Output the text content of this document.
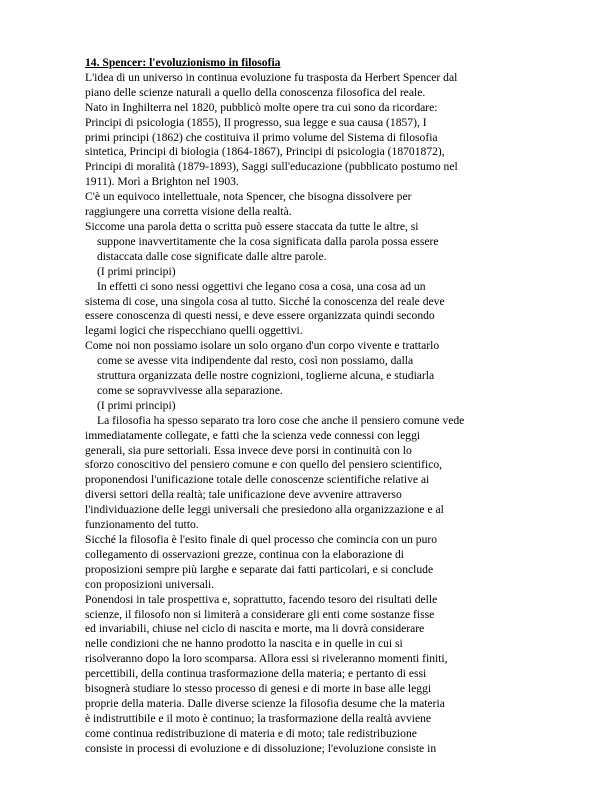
14. Spencer: l'evoluzionismo in filosofia
L'idea di un universo in continua evoluzione fu trasposta da Herbert Spencer dal
piano delle scienze naturali a quello della conoscenza filosofica del reale.
Nato in Inghilterra nel 1820, pubblicò molte opere tra cui sono da ricordare:
Principi di psicologia (1855), Il progresso, sua legge e sua causa (1857), I
primi principi (1862) che costituiva il primo volume del Sistema di filosofia
sintetica, Principi di biologia (1864-1867), Principi di psicologia (18701872),
Principi di moralità (1879-1893), Saggi sull'educazione (pubblicato postumo nel
1911). Morì a Brighton nel 1903.
C'è un equivoco intellettuale, nota Spencer, che bisogna dissolvere per
raggiungere una corretta visione della realtà.
Siccome una parola detta o scritta può essere staccata da tutte le altre, si
suppone inavvertitamente che la cosa significata dalla parola possa essere
distaccata dalle cose significate dalle altre parole.
(I primi principi)
In effetti ci sono nessi oggettivi che legano cosa a cosa, una cosa ad un
sistema di cose, una singola cosa al tutto. Sicché la conoscenza del reale deve
essere conoscenza di questi nessi, e deve essere organizzata quindi secondo
legami logici che rispecchiano quelli oggettivi.
Come noi non possiamo isolare un solo organo d'un corpo vivente e trattarlo
come se avesse vita indipendente dal resto, così non possiamo, dalla
struttura organizzata delle nostre cognizioni, toglierne alcuna, e studiarla
come se sopravvivesse alla separazione.
(I primi principi)
La filosofia ha spesso separato tra loro cose che anche il pensiero comune vede
immediatamente collegate, e fatti che la scienza vede connessi con leggi
generali, sia pure settoriali. Essa invece deve porsi in continuità con lo
sforzo conoscitivo del pensiero comune e con quello del pensiero scientifico,
proponendosi l'unificazione totale delle conoscenze scientifiche relative ai
diversi settori della realtà; tale unificazione deve avvenire attraverso
l'individuazione delle leggi universali che presiedono alla organizzazione e al
funzionamento del tutto.
Sicché la filosofia è l'esito finale di quel processo che comincia con un puro
collegamento di osservazioni grezze, continua con la elaborazione di
proposizioni sempre più larghe e separate dai fatti particolari, e si conclude
con proposizioni universali.
Ponendosi in tale prospettiva e, soprattutto, facendo tesoro dei risultati delle
scienze, il filosofo non si limiterà a considerare gli enti come sostanze fisse
ed invariabili, chiuse nel ciclo di nascita e morte, ma li dovrà considerare
nelle condizioni che ne hanno prodotto la nascita e in quelle in cui si
risolveranno dopo la loro scomparsa. Allora essi si riveleranno momenti finiti,
percettibili, della continua trasformazione della materia; e pertanto di essi
bisognerà studiare lo stesso processo di genesi e di morte in base alle leggi
proprie della materia. Dalle diverse scienze la filosofia desume che la materia
è indistruttibile e il moto è continuo; la trasformazione della realtà avviene
come continua redistribuzione di materia e di moto; tale redistribuzione
consiste in processi di evoluzione e di dissoluzione; l'evoluzione consiste in
